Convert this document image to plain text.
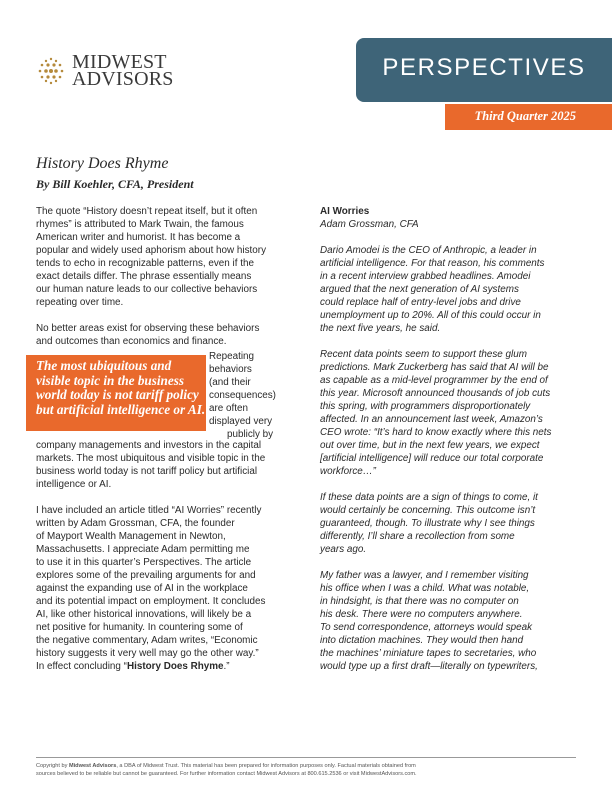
MIDWEST
ADVISORS	PERSPECTIVES
Third Quarter 2025
History Does Rhyme
By Bill Koehler, CFA, President

The quote “History doesn’t repeat itself, but it often
rhymes” is attributed to Mark Twain, the famous
American writer and humorist. It has become a
popular and widely used aphorism about how history
tends to echo in recognizable patterns, even if the
exact details differ. The phrase essentially means
our human nature leads to our collective behaviors
repeating over time.

No better areas exist for observing these behaviors
and outcomes than economics and finance.
company managements and investors in the capital
markets. The most ubiquitous and visible topic in the
business world today is not tariff policy but artificial
intelligence or AI.

I have included an article titled “AI Worries” recently
written by Adam Grossman, CFA, the founder
of Mayport Wealth Management in Newton,
Massachusetts. I appreciate Adam permitting me
to use it in this quarter’s Perspectives. The article
explores some of the prevailing arguments for and
against the expanding use of AI in the workplace
and its potential impact on employment. It concludes
AI, like other historical innovations, will likely be a
net positive for humanity. In countering some of
the negative commentary, Adam writes, “Economic
history suggests it very well may go the other way.”
In effect concluding “History Does Rhyme.”

Repeating
behaviors
(and their
consequences)
are often
displayed very
publicly by
The most ubiquitous and visible topic in the business world today is not tariff policy but artificial intelligence or AI.

AI Worries
Adam Grossman, CFA

Dario Amodei is the CEO of Anthropic, a leader in
artificial intelligence. For that reason, his comments
in a recent interview grabbed headlines. Amodei
argued that the next generation of AI systems
could replace half of entry-level jobs and drive
unemployment up to 20%. All of this could occur in
the next five years, he said.

Recent data points seem to support these glum
predictions. Mark Zuckerberg has said that AI will be
as capable as a mid-level programmer by the end of
this year. Microsoft announced thousands of job cuts
this spring, with programmers disproportionately
affected. In an announcement last week, Amazon’s
CEO wrote: “It’s hard to know exactly where this nets
out over time, but in the next few years, we expect
[artificial intelligence] will reduce our total corporate
workforce…”

If these data points are a sign of things to come, it
would certainly be concerning. This outcome isn’t
guaranteed, though. To illustrate why I see things
differently, I’ll share a recollection from some
years ago.

My father was a lawyer, and I remember visiting
his office when I was a child. What was notable,
in hindsight, is that there was no computer on
his desk. There were no computers anywhere.
To send correspondence, attorneys would speak
into dictation machines. They would then hand
the machines’ miniature tapes to secretaries, who
would type up a first draft—literally on typewriters,

Copyright by Midwest Advisors, a DBA of Midwest Trust. This material has been prepared for information purposes only. Factual materials obtained from
sources believed to be reliable but cannot be guaranteed. For further information contact Midwest Advisors at 800.615.2536 or visit MidwestAdvisors.com.
